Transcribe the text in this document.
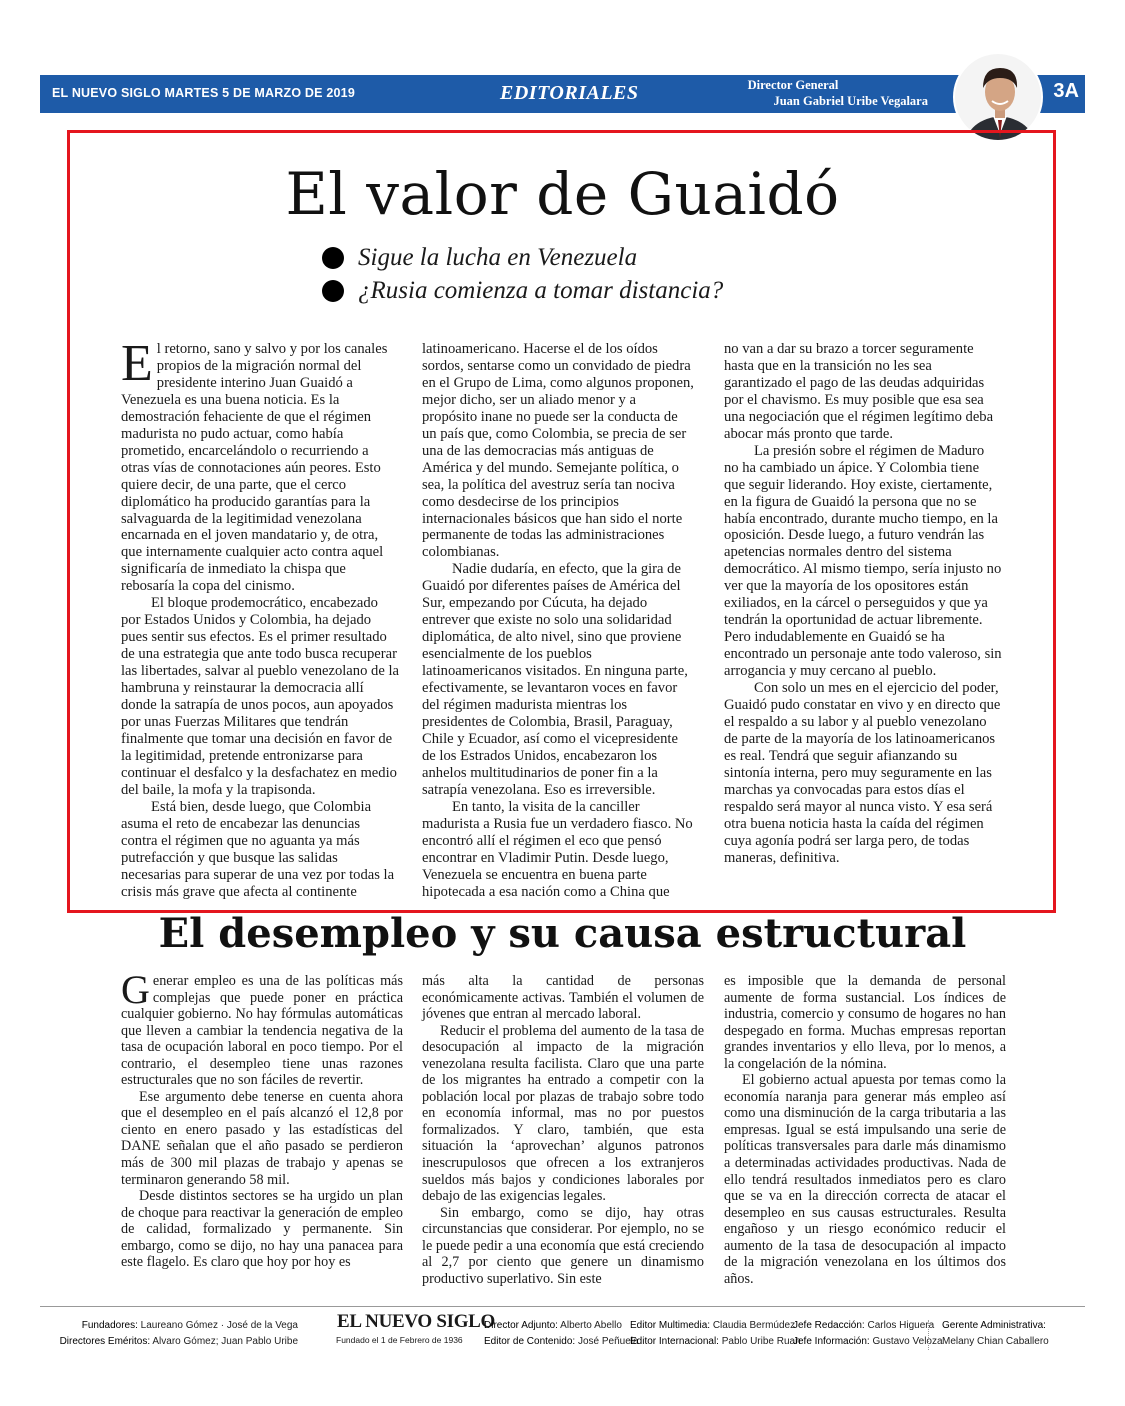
EL NUEVO SIGLO MARTES 5 DE MARZO DE 2019	EDITORIALES	Director General
Juan Gabriel Uribe Vegalara	3A
El valor de Guaidó
Sigue la lucha en Venezuela
¿Rusia comienza a tomar distancia?

El retorno, sano y salvo y por los canales propios de la migración normal del presidente interino Juan Guaidó a Venezuela es una buena noticia. Es la demostración fehaciente de que el régimen madurista no pudo actuar, como había prometido, encarcelándolo o recurriendo a otras vías de connotaciones aún peores. Esto quiere decir, de una parte, que el cerco diplomático ha producido garantías para la salvaguarda de la legitimidad venezolana encarnada en el joven mandatario y, de otra, que internamente cualquier acto contra aquel significaría de inmediato la chispa que rebosaría la copa del cinismo.

El bloque prodemocrático, encabezado por Estados Unidos y Colombia, ha dejado pues sentir sus efectos. Es el primer resultado de una estrategia que ante todo busca recuperar las libertades, salvar al pueblo venezolano de la hambruna y reinstaurar la democracia allí donde la satrapía de unos pocos, aun apoyados por unas Fuerzas Militares que tendrán finalmente que tomar una decisión en favor de la legitimidad, pretende entronizarse para continuar el desfalco y la desfachatez en medio del baile, la mofa y la trapisonda.

Está bien, desde luego, que Colombia asuma el reto de encabezar las denuncias contra el régimen que no aguanta ya más putrefacción y que busque las salidas necesarias para superar de una vez por todas la crisis más grave que afecta al continente

latinoamericano. Hacerse el de los oídos sordos, sentarse como un convidado de piedra en el Grupo de Lima, como algunos proponen, mejor dicho, ser un aliado menor y a propósito inane no puede ser la conducta de un país que, como Colombia, se precia de ser una de las democracias más antiguas de América y del mundo. Semejante política, o sea, la política del avestruz sería tan nociva como desdecirse de los principios internacionales básicos que han sido el norte permanente de todas las administraciones colombianas.

Nadie dudaría, en efecto, que la gira de Guaidó por diferentes países de América del Sur, empezando por Cúcuta, ha dejado entrever que existe no solo una solidaridad diplomática, de alto nivel, sino que proviene esencialmente de los pueblos latinoamericanos visitados. En ninguna parte, efectivamente, se levantaron voces en favor del régimen madurista mientras los presidentes de Colombia, Brasil, Paraguay, Chile y Ecuador, así como el vicepresidente de los Estrados Unidos, encabezaron los anhelos multitudinarios de poner fin a la satrapía venezolana. Eso es irreversible.

En tanto, la visita de la canciller madurista a Rusia fue un verdadero fiasco. No encontró allí el régimen el eco que pensó encontrar en Vladimir Putin. Desde luego, Venezuela se encuentra en buena parte hipotecada a esa nación como a China que

no van a dar su brazo a torcer seguramente hasta que en la transición no les sea garantizado el pago de las deudas adquiridas por el chavismo. Es muy posible que esa sea una negociación que el régimen legítimo deba abocar más pronto que tarde.

La presión sobre el régimen de Maduro no ha cambiado un ápice. Y Colombia tiene que seguir liderando. Hoy existe, ciertamente, en la figura de Guaidó la persona que no se había encontrado, durante mucho tiempo, en la oposición. Desde luego, a futuro vendrán las apetencias normales dentro del sistema democrático. Al mismo tiempo, sería injusto no ver que la mayoría de los opositores están exiliados, en la cárcel o perseguidos y que ya tendrán la oportunidad de actuar libremente. Pero indudablemente en Guaidó se ha encontrado un personaje ante todo valeroso, sin arrogancia y muy cercano al pueblo.

Con solo un mes en el ejercicio del poder, Guaidó pudo constatar en vivo y en directo que el respaldo a su labor y al pueblo venezolano de parte de la mayoría de los latinoamericanos es real. Tendrá que seguir afianzando su sintonía interna, pero muy seguramente en las marchas ya convocadas para estos días el respaldo será mayor al nunca visto. Y esa será otra buena noticia hasta la caída del régimen cuya agonía podrá ser larga pero, de todas maneras, definitiva.

El desempleo y su causa estructural

Generar empleo es una de las políticas más complejas que puede poner en práctica cualquier gobierno. No hay fórmulas automáticas que lleven a cambiar la tendencia negativa de la tasa de ocupación laboral en poco tiempo. Por el contrario, el desempleo tiene unas razones estructurales que no son fáciles de revertir.

Ese argumento debe tenerse en cuenta ahora que el desempleo en el país alcanzó el 12,8 por ciento en enero pasado y las estadísticas del DANE señalan que el año pasado se perdieron más de 300 mil plazas de trabajo y apenas se terminaron generando 58 mil.

Desde distintos sectores se ha urgido un plan de choque para reactivar la generación de empleo de calidad, formalizado y permanente. Sin embargo, como se dijo, no hay una panacea para este flagelo. Es claro que hoy por hoy es

más alta la cantidad de personas económicamente activas. También el volumen de jóvenes que entran al mercado laboral.

Reducir el problema del aumento de la tasa de desocupación al impacto de la migración venezolana resulta facilista. Claro que una parte de los migrantes ha entrado a competir con la población local por plazas de trabajo sobre todo en economía informal, mas no por puestos formalizados. Y claro, también, que esta situación la ‘aprovechan’ algunos patronos inescrupulosos que ofrecen a los extranjeros sueldos más bajos y condiciones laborales por debajo de las exigencias legales.

Sin embargo, como se dijo, hay otras circunstancias que considerar. Por ejemplo, no se le puede pedir a una economía que está creciendo al 2,7 por ciento que genere un dinamismo productivo superlativo. Sin este

es imposible que la demanda de personal aumente de forma sustancial. Los índices de industria, comercio y consumo de hogares no han despegado en forma. Muchas empresas reportan grandes inventarios y ello lleva, por lo menos, a la congelación de la nómina.

El gobierno actual apuesta por temas como la economía naranja para generar más empleo así como una disminución de la carga tributaria a las empresas. Igual se está impulsando una serie de políticas transversales para darle más dinamismo a determinadas actividades productivas. Nada de ello tendrá resultados inmediatos pero es claro que se va en la dirección correcta de atacar el desempleo en sus causas estructurales. Resulta engañoso y un riesgo económico reducir el aumento de la tasa de desocupación al impacto de la migración venezolana en los últimos dos años.

Fundadores: Laureano Gómez · José de la Vega
Directores Eméritos: Alvaro Gómez; Juan Pablo Uribe
EL NUEVO SIGLO
Fundado el 1 de Febrero de 1936
Director Adjunto: Alberto Abello
Editor de Contenido: José Peñuela
Editor Multimedia: Claudia Bermúdez
Editor Internacional: Pablo Uribe Ruan
Jefe Redacción: Carlos Higuera
Jefe Información: Gustavo Veloza
Gerente Administrativa:
Melany Chian Caballero
